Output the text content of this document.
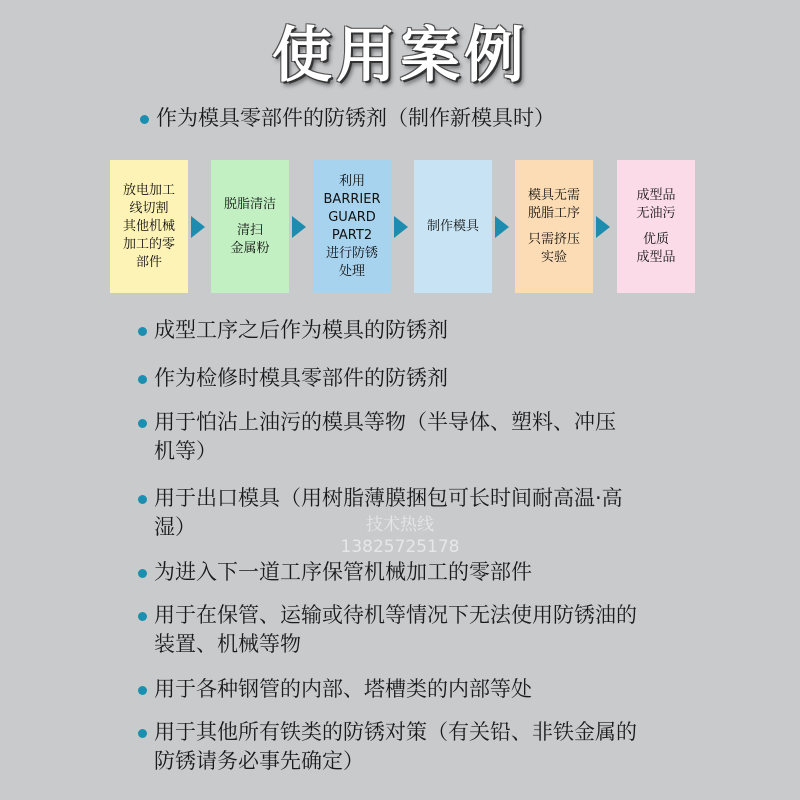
使用案例
作为模具零部件的防锈剂（制作新模具时）
放电加工
线切割
其他机械
加工的零
部件
脱脂清洁
清扫
金属粉
利用
BARRIER
GUARD
PART2
进行防锈
处理
制作模具
模具无需
脱脂工序
只需挤压
实验
成型品
无油污
优质
成型品
成型工序之后作为模具的防锈剂
作为检修时模具零部件的防锈剂
用于怕沾上油污的模具等物（半导体、塑料、冲压
机等）
用于出口模具（用树脂薄膜捆包可长时间耐高温·高
湿）
为进入下一道工序保管机械加工的零部件
用于在保管、运输或待机等情况下无法使用防锈油的
装置、机械等物
用于各种钢管的内部、塔槽类的内部等处
用于其他所有铁类的防锈对策（有关铅、非铁金属的
防锈请务必事先确定）
技术热线
13825725178
